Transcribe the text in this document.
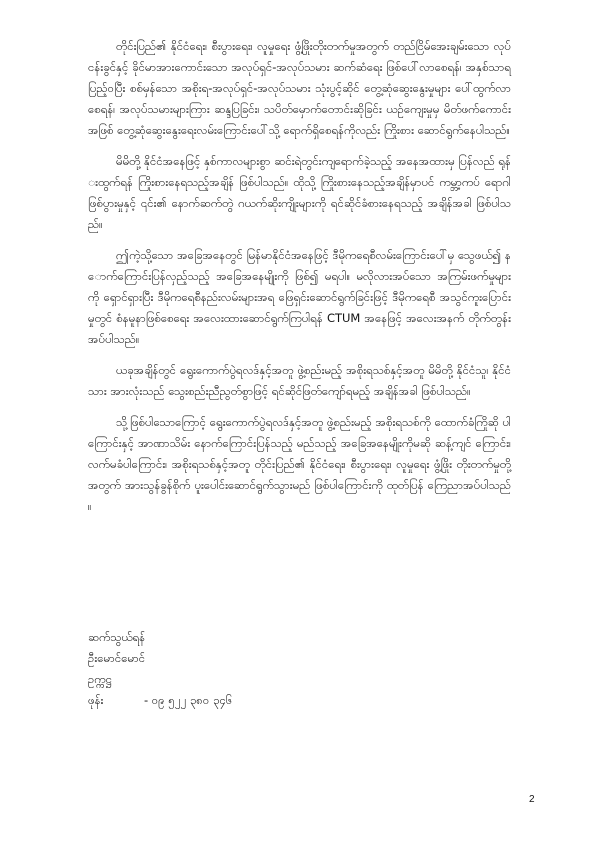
တိုင်းပြည်၏ နိုင်ငံရေး၊ စီးပွားရေး၊ လူမှုရေး ဖွံ့ဖြိုးတိုးတက်မှုအတွက် တည်ငြိမ်အေးချမ်းသော လုပ်ငန်းခွင်နှင့် ခိုင်မာအားကောင်းသော အလုပ်ရှင်-အလုပ်သမား ဆက်ဆံရေး ဖြစ်ပေါ်လာစေရန်၊ အနှစ်သာရ ပြည့်ဝပြီး စစ်မှန်သော အစိုးရ-အလုပ်ရှင်-အလုပ်သမား သုံးပွင့်ဆိုင် တွေ့ဆုံဆွေးနွေးမှုများ ပေါ်ထွက်လာစေရန်၊ အလုပ်သမားများကြား ဆန္ဒပြခြင်း၊ သပိတ်မှောက်တောင်းဆိုခြင်း ယဉ်ကျေးမှုမှ မိတ်ဖက်ကောင်းအဖြစ် တွေ့ဆုံဆွေးနွေးရေးလမ်းကြောင်းပေါ်သို့ ရောက်ရှိစေရန်ကိုလည်း ကြိုးစား ဆောင်ရွက်နေပါသည်။

မိမိတို့ နိုင်ငံအနေဖြင့် နှစ်ကာလများစွာ ဆင်းရဲတွင်းကျရောက်ခဲ့သည့် အနေအထားမှ ပြန်လည် ရုန်းထွက်ရန် ကြိုးစားနေရသည့်အချိန် ဖြစ်ပါသည်။ ထိုသို့ ကြိုးစားနေသည့်အချိန်မှာပင် ကမ္ဘာ့ကပ် ရောဂါ ဖြစ်ပွားမှုနှင့် ၎င်း၏ နောက်ဆက်တွဲ ဂယက်ဆိုးကျိုးများကို ရင်ဆိုင်ခံစားနေရသည့် အချိန်အခါ ဖြစ်ပါသည်။

ဤကဲ့သို့သော အခြေအနေတွင် မြန်မာနိုင်ငံအနေဖြင့် ဒီမိုကရေစီလမ်းကြောင်းပေါ်မှ သွေဖယ်၍ နောက်ကြောင်းပြန်လှည့်သည့် အခြေအနေမျိုးကို ဖြစ်၍ မရပါ။ မလိုလားအပ်သော အကြမ်းဖက်မှုများ ကို ရှောင်ရှားပြီး ဒီမိုကရေစီနည်းလမ်းများအရ ဖြေရှင်းဆောင်ရွက်ခြင်းဖြင့် ဒီမိုကရေစီ အသွင်ကူးပြောင်း မှုတွင် စံနမူနာဖြစ်စေရေး အလေးထားဆောင်ရွက်ကြပါရန် CTUM အနေဖြင့် အလေးအနက် တိုက်တွန်း အပ်ပါသည်။

ယခုအချိန်တွင် ရွေးကောက်ပွဲရလဒ်နှင့်အတူ ဖွဲ့စည်းမည့် အစိုးရသစ်နှင့်အတူ မိမိတို့ နိုင်ငံသူ၊ နိုင်ငံသား အားလုံးသည် သွေးစည်းညီညွတ်စွာဖြင့် ရင်ဆိုင်ဖြတ်ကျော်ရမည့် အချိန်အခါ ဖြစ်ပါသည်။

သို့ဖြစ်ပါသောကြောင့် ရွေးကောက်ပွဲရလဒ်နှင့်အတူ ဖွဲ့စည်းမည့် အစိုးရသစ်ကို ထောက်ခံကြိုဆို ပါကြောင်းနှင့် အာဏာသိမ်း နောက်ကြောင်းပြန်သည့် မည်သည့် အခြေအနေမျိုးကိုမဆို ဆန့်ကျင် ကြောင်း၊ လက်မခံပါကြောင်း၊ အစိုးရသစ်နှင့်အတူ တိုင်းပြည်၏ နိုင်ငံရေး၊ စီးပွားရေး၊ လူမှုရေး ဖွံ့ဖြိုး တိုးတက်မှုတို့အတွက် အားသွန်ခွန်စိုက် ပူးပေါင်းဆောင်ရွက်သွားမည် ဖြစ်ပါကြောင်းကို ထုတ်ပြန် ကြေညာအပ်ပါသည်။

ဆက်သွယ်ရန်
ဦးမောင်မောင်
ဥက္ကဋ္ဌ
ဖုန်း	- ၀၉ ၅၂၂ ၃၈၀ ၃၄၆
2
